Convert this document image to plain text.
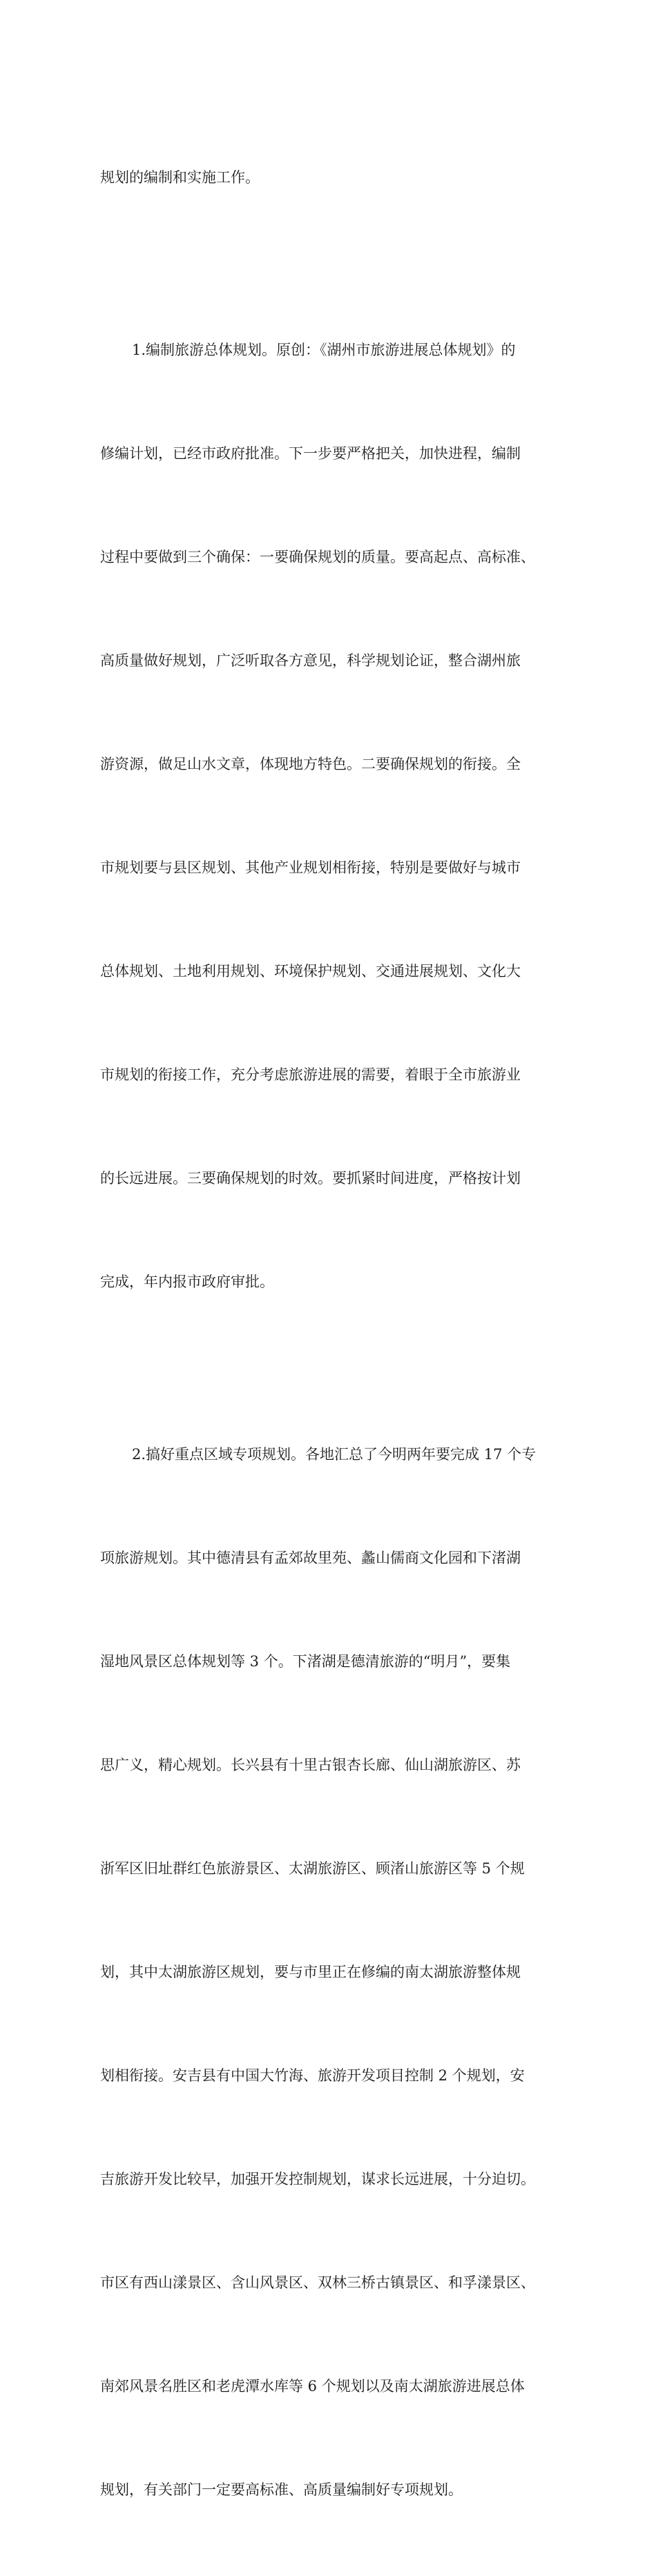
规划的编制和实施工作。

1.编制旅游总体规划。原创：《湖州市旅游进展总体规划》的

修编计划，已经市政府批准。下一步要严格把关，加快进程，编制

过程中要做到三个确保：一要确保规划的质量。要高起点、高标准、

高质量做好规划，广泛听取各方意见，科学规划论证，整合湖州旅

游资源，做足山水文章，体现地方特色。二要确保规划的衔接。全

市规划要与县区规划、其他产业规划相衔接，特别是要做好与城市

总体规划、土地利用规划、环境保护规划、交通进展规划、文化大

市规划的衔接工作，充分考虑旅游进展的需要，着眼于全市旅游业

的长远进展。三要确保规划的时效。要抓紧时间进度，严格按计划

完成，年内报市政府审批。

2.搞好重点区域专项规划。各地汇总了今明两年要完成 17 个专

项旅游规划。其中德清县有孟郊故里苑、蠡山儒商文化园和下渚湖

湿地风景区总体规划等 3 个。下渚湖是德清旅游的“明月”，要集

思广义，精心规划。长兴县有十里古银杏长廊、仙山湖旅游区、苏

浙军区旧址群红色旅游景区、太湖旅游区、顾渚山旅游区等 5 个规

划，其中太湖旅游区规划，要与市里正在修编的南太湖旅游整体规

划相衔接。安吉县有中国大竹海、旅游开发项目控制 2 个规划，安

吉旅游开发比较早，加强开发控制规划，谋求长远进展，十分迫切。

市区有西山漾景区、含山风景区、双林三桥古镇景区、和孚漾景区、

南郊风景名胜区和老虎潭水库等 6 个规划以及南太湖旅游进展总体

规划，有关部门一定要高标准、高质量编制好专项规划。
